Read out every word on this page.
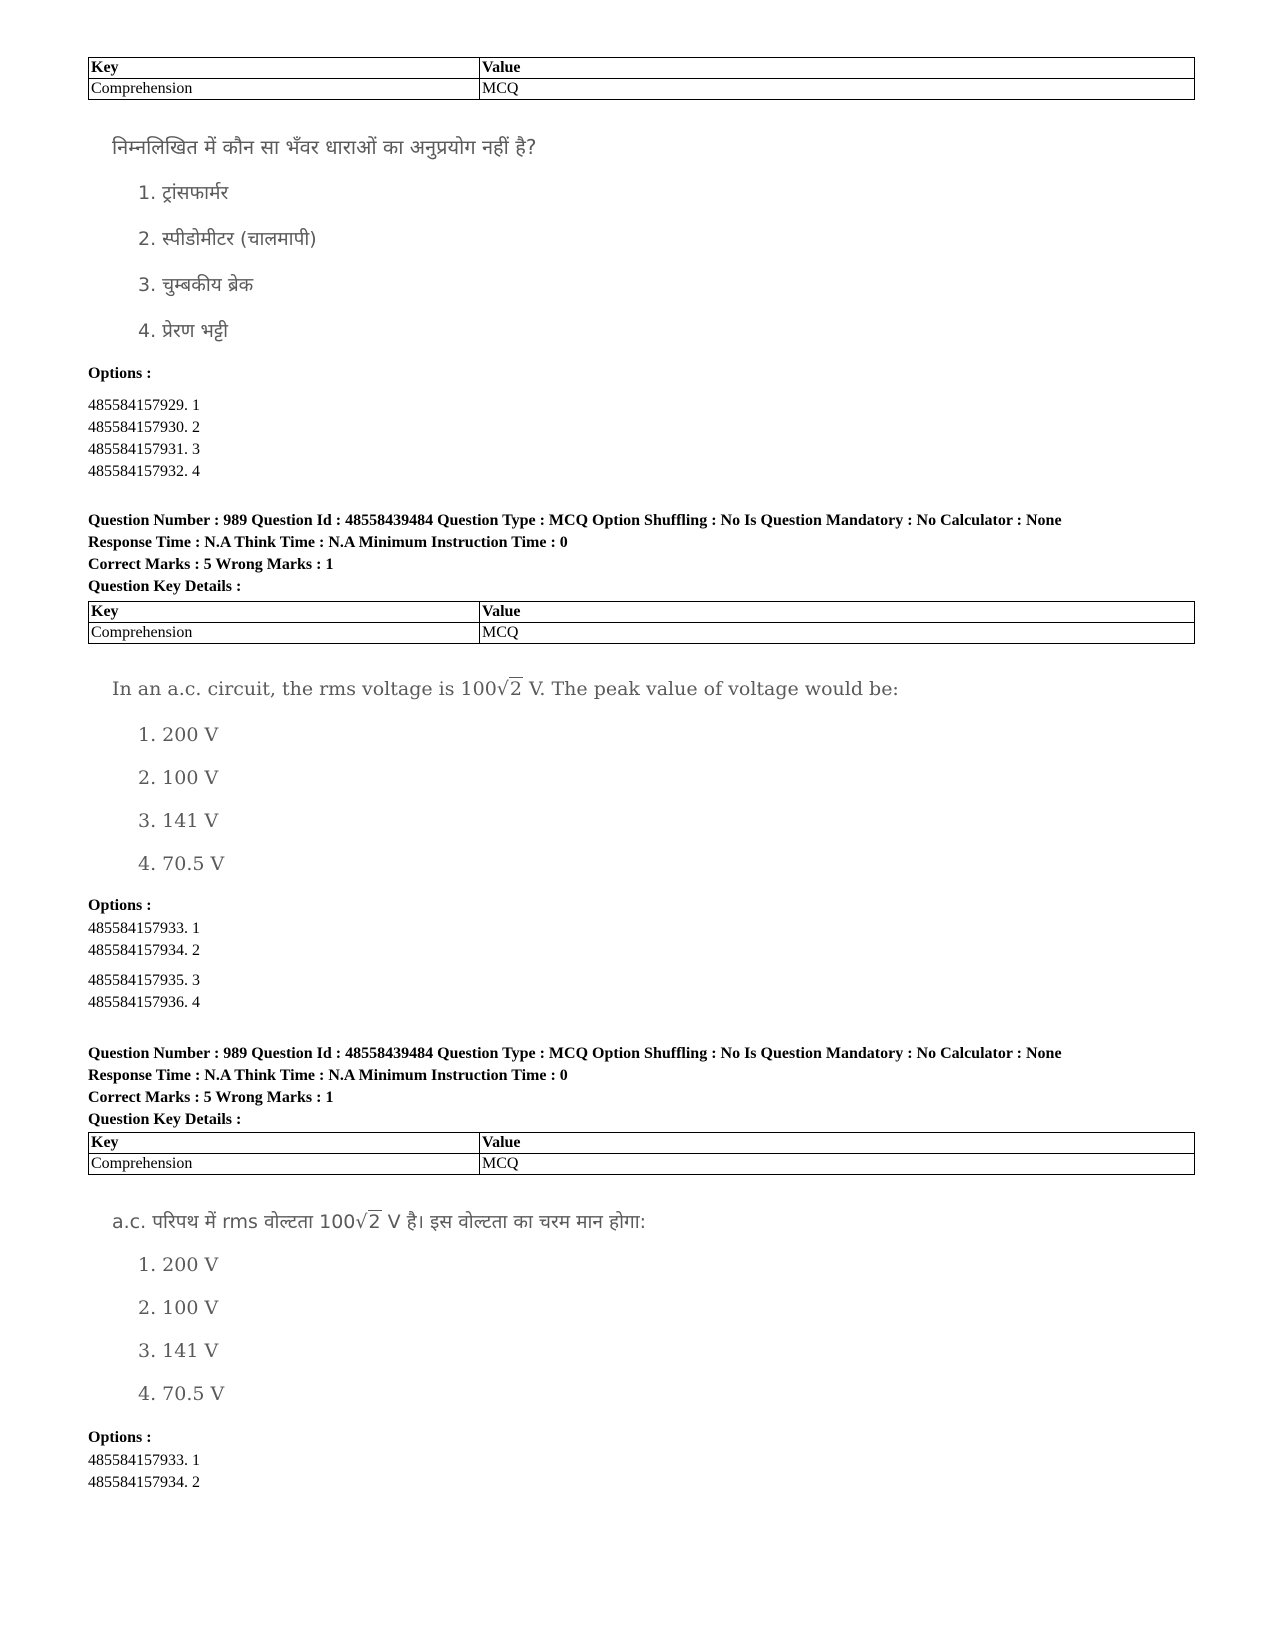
Key	Value
Comprehension	MCQ
निम्नलिखित में कौन सा भँवर धाराओं का अनुप्रयोग नहीं है?
1. ट्रांसफार्मर
2. स्पीडोमीटर (चालमापी)
3. चुम्बकीय ब्रेक
4. प्रेरण भट्टी
Options :
485584157929. 1
485584157930. 2
485584157931. 3
485584157932. 4
Question Number : 989 Question Id : 48558439484 Question Type : MCQ Option Shuffling : No Is Question Mandatory : No Calculator : None
Response Time : N.A Think Time : N.A Minimum Instruction Time : 0
Correct Marks : 5 Wrong Marks : 1
Question Key Details :
Key	Value
Comprehension	MCQ
In an a.c. circuit, the rms voltage is 100√2 V. The peak value of voltage would be:
1. 200 V
2. 100 V
3. 141 V
4. 70.5 V
Options :
485584157933. 1
485584157934. 2
485584157935. 3
485584157936. 4
Question Number : 989 Question Id : 48558439484 Question Type : MCQ Option Shuffling : No Is Question Mandatory : No Calculator : None
Response Time : N.A Think Time : N.A Minimum Instruction Time : 0
Correct Marks : 5 Wrong Marks : 1
Question Key Details :
Key	Value
Comprehension	MCQ
a.c. परिपथ में rms वोल्टता 100√2 V है। इस वोल्टता का चरम मान होगा:
1. 200 V
2. 100 V
3. 141 V
4. 70.5 V
Options :
485584157933. 1
485584157934. 2
